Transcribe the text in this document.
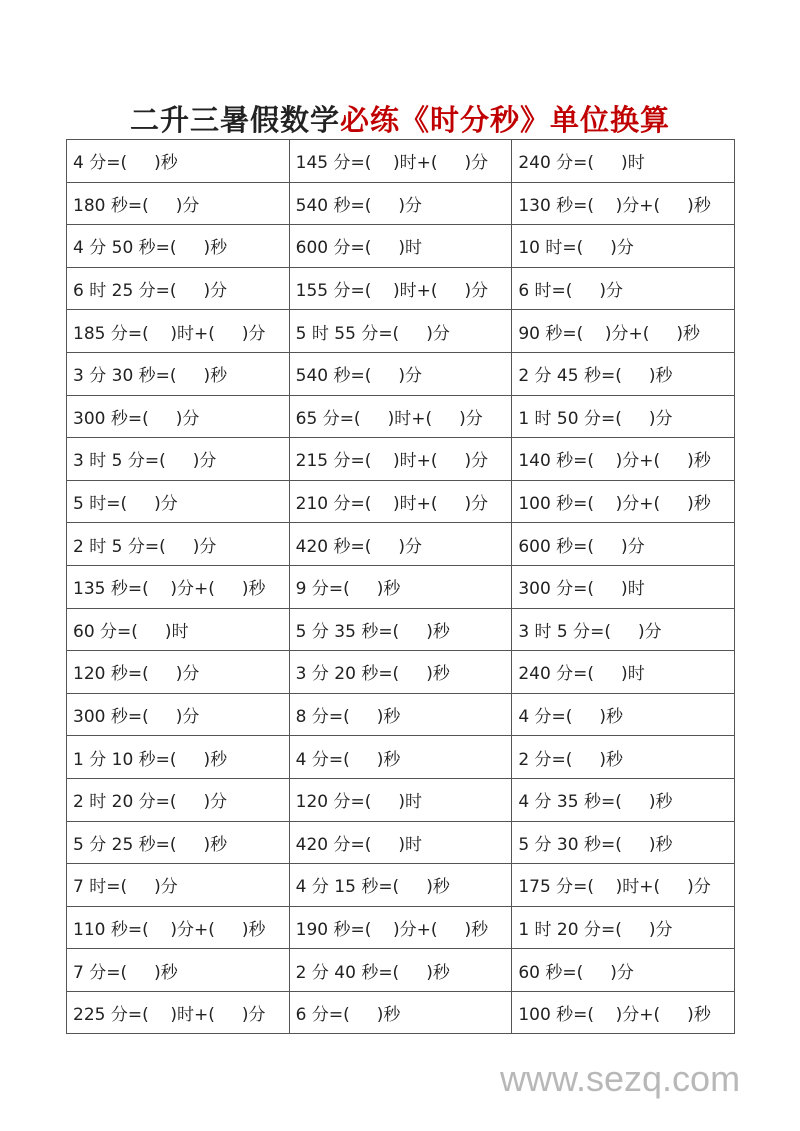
二升三暑假数学必练《时分秒》单位换算
4 分=(     )秒	145 分=(    )时+(     )分	240 分=(     )时
180 秒=(     )分	540 秒=(     )分	130 秒=(    )分+(     )秒
4 分 50 秒=(     )秒	600 分=(     )时	10 时=(     )分
6 时 25 分=(     )分	155 分=(    )时+(     )分	6 时=(     )分
185 分=(    )时+(     )分	5 时 55 分=(     )分	90 秒=(    )分+(     )秒
3 分 30 秒=(     )秒	540 秒=(     )分	2 分 45 秒=(     )秒
300 秒=(     )分	65 分=(     )时+(     )分	1 时 50 分=(     )分
3 时 5 分=(     )分	215 分=(    )时+(     )分	140 秒=(    )分+(     )秒
5 时=(     )分	210 分=(    )时+(     )分	100 秒=(    )分+(     )秒
2 时 5 分=(     )分	420 秒=(     )分	600 秒=(     )分
135 秒=(    )分+(     )秒	9 分=(     )秒	300 分=(     )时
60 分=(     )时	5 分 35 秒=(     )秒	3 时 5 分=(     )分
120 秒=(     )分	3 分 20 秒=(     )秒	240 分=(     )时
300 秒=(     )分	8 分=(     )秒	4 分=(     )秒
1 分 10 秒=(     )秒	4 分=(     )秒	2 分=(     )秒
2 时 20 分=(     )分	120 分=(     )时	4 分 35 秒=(     )秒
5 分 25 秒=(     )秒	420 分=(     )时	5 分 30 秒=(     )秒
7 时=(     )分	4 分 15 秒=(     )秒	175 分=(    )时+(     )分
110 秒=(    )分+(     )秒	190 秒=(    )分+(     )秒	1 时 20 分=(     )分
7 分=(     )秒	2 分 40 秒=(     )秒	60 秒=(     )分
225 分=(    )时+(     )分	6 分=(     )秒	100 秒=(    )分+(     )秒
www.sezq.com
